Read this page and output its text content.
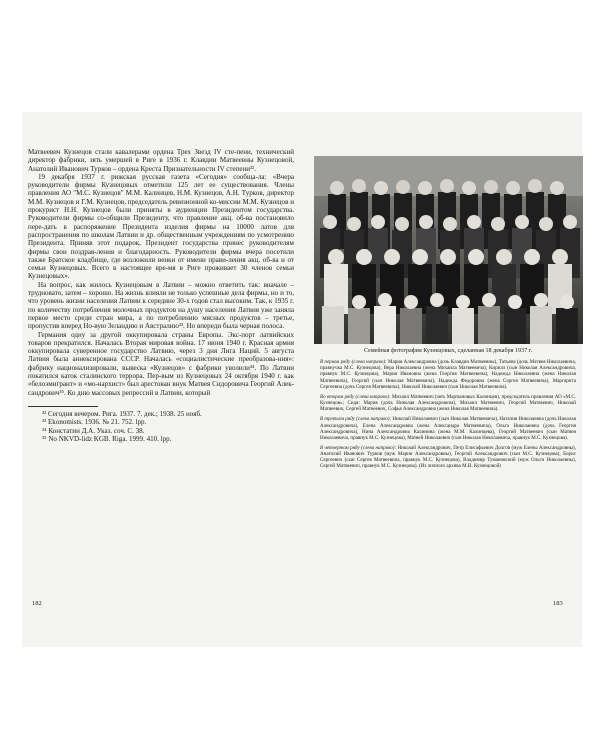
Матвеевич Кузнецов стали кавалерами ордена Трех Звезд IV сте-пени, технический директор фабрики, зять умершей в Риге в 1936 г. Клавдии Матвеевны Кузнецовой, Анатолий Иванович Турков – ордена Креста Признательности IV степени³².

19 декабря 1937 г. рижская русская газета «Сегодня» сообща-ла: «Вчера руководители фирмы Кузнецовых отметили 125 лет ее существования. Члены правления АО "М.С. Кузнецов" М.М. Калинцев, Н.М. Кузнецов, А.Н. Турков, директор М.М. Кузнецов и Г.М. Кузнецов, председатель ревизионной ко-миссии М.М. Кузнецов и прокурист Н.Н. Кузнецов были приняты в аудиенции Президентом государства. Руководители фирмы со-общили Президенту, что правление акц. об-ва постановило пере-дать в распоряжение Президента изделия фирмы на 10000 латов для распространения по школам Латвии и др. общественным учреждениям по усмотрению Президента. Приняв этот подарок, Президент государства принес руководителям фирмы свои поздрав-ления и благодарность. Руководители фирмы вчера посетили также Братское кладбище, где возложили венки от имени прави-ления акц. об-ва и от семьи Кузнецовых. Всего в настоящее вре-мя в Риге проживает 30 членов семьи Кузнецовых».

На вопрос, как жилось Кузнецовым в Латвии – можно ответить так: вначале – трудновато, затем – хорошо. На жизнь влияли не только успешные дела фирмы, но и то, что уровень жизни населения Латвии к середине 30-х годов стал высоким. Так, к 1935 г. по количеству потребления молочных продуктов на душу населения Латвия уже заняла первое место среди стран мира, а по потреблению мясных продуктов – третье, пропустив вперед Но-вую Зеландию и Австралию³³. Но впереди была черная полоса.

Германия одну за другой оккупировала страны Европы. Экс-порт латвийских товаров прекратился. Началась Вторая мировая война. 17 июня 1940 г. Красная армия оккупировала суверенное государство Латвию, через 3 дня Лига Наций. 5 августа Латвия была аннексирована СССР. Началась «социалистические преобразова-ния»: фабрику национализировали, вывеска «Кузнецов» с фабрики уволили³⁴. По Латвии покатился каток сталинского террора. Пер-вым из Кузнецовых 24 октября 1940 г. как «белоэмигрант» и «мо-нархист» был арестован внук Матвея Сидоровича Георгий Алек-сандрович³⁵. Ко дню массовых репрессий в Латвии, который

³² Сегодня вечером. Рига. 1937. 7. дек.; 1938. 25 нояб.

³³ Ekonomists. 1936. № 21. 752. lpp.

³⁴ Констатин Д.А. Указ. соч. С. 38.

³⁵ No NKVD-lidz KGB. Riga. 1999. 410. lpp.

182

Семейная фотография Кузнецовых, сделанная 18 декабря 1937 г.

В первом ряду (слева направо): Мария Александровна (дочь Клавдии Матвеевны), Татьяна (дочь Матвея Николаевича, правнучка М.С. Кузнецова), Вера Николаевна (жена Михаила Матвеевича), Кирилл (сын Николая Александровича, правнук М.С. Кузнецова), Мария Ивановна (жена Георгия Матвеевича), Надежда Николаевна (жена Николая Матвеевича), Георгий (сын Николая Матвеевича), Надежда Федоровна (жена Сергея Матвеевича), Маргарита Сергеевна (дочь Сергея Матвеевича), Николай Николаевич (сын Николая Матвеевича).

Во втором ряду (слева направо): Михаил Матвеевич (зять Мартыновых Калинцев), председатель правления АО «М.С. Кузнецов»; Сидя: Мария (дочь Николая Александровича), Михаил Матвеевич, Георгий Матвеевич, Николай Матвеевич, Сергей Матвеевич, Софья Александровна (жена Николая Матвеевича).

В третьем ряду (слева направо): Николай Николаевич (сын Николая Матвеевича), Наталия Николаевна (дочь Николая Александровича), Елена Александровна (жена Александра Матвеевича), Ольга Николаевна (дочь Георгия Александровича), Нина Александровна Калинина (жена М.М. Калинцева), Георгий Матвеевич (сын Матвея Николаевича, правнук М.С. Кузнецова), Матвей Николаевич (сын Николая Николаевича, правнук М.С. Кузнецова).

В четвертом ряду (слева направо): Николай Александрович, Петр Елисафьевич Долгов (муж Елены Александровны), Анатолий Иванович Турков (муж Марии Александровны), Георгий Александрович (сын М.С. Кузнецова), Борис Сергеевич (сын Сергея Матвеевича, правнук М.С. Кузнецова), Владимир Тумановский (муж Ольги Николаевны), Сергей Матвеевич, правнук М.С. Кузнецова). (Из личного архива М.Н. Кузнецовой)

183
